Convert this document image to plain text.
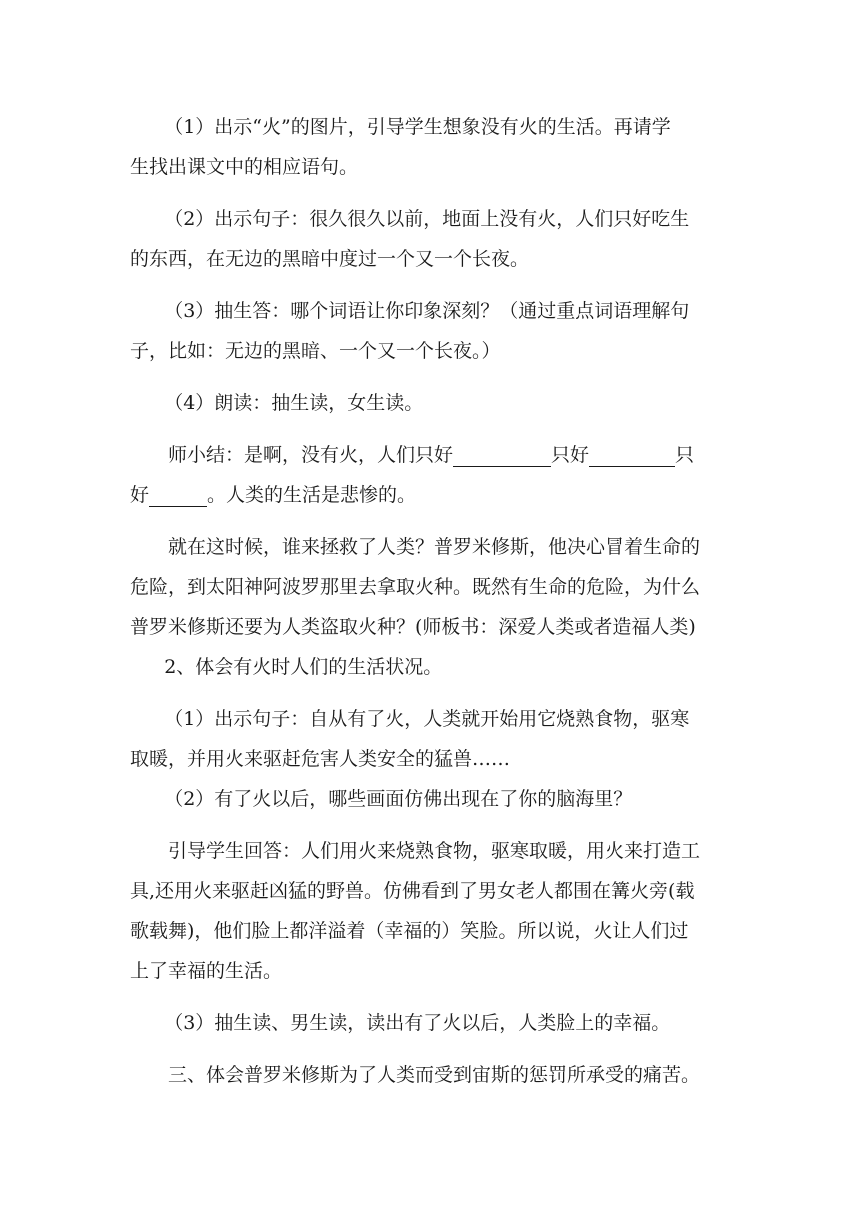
（1）出示“火”的图片，引导学生想象没有火的生活。再请学

生找出课文中的相应语句。

（2）出示句子：很久很久以前，地面上没有火，人们只好吃生

的东西，在无边的黑暗中度过一个又一个长夜。

（3）抽生答：哪个词语让你印象深刻？（通过重点词语理解句

子，比如：无边的黑暗、一个又一个长夜。）

（4）朗读：抽生读，女生读。

师小结：是啊，没有火，人们只好	只好	只

好	。人类的生活是悲惨的。

就在这时候，谁来拯救了人类？普罗米修斯，他决心冒着生命的

危险，到太阳神阿波罗那里去拿取火种。既然有生命的危险，为什么

普罗米修斯还要为人类盗取火种？(师板书：深爱人类或者造福人类)

2、体会有火时人们的生活状况。

（1）出示句子：自从有了火，人类就开始用它烧熟食物，驱寒

取暖，并用火来驱赶危害人类安全的猛兽……

（2）有了火以后，哪些画面仿佛出现在了你的脑海里？

引导学生回答：人们用火来烧熟食物，驱寒取暖，用火来打造工

具,还用火来驱赶凶猛的野兽。仿佛看到了男女老人都围在篝火旁(载

歌载舞)，他们脸上都洋溢着（幸福的）笑脸。所以说，火让人们过

上了幸福的生活。

（3）抽生读、男生读，读出有了火以后，人类脸上的幸福。

三、体会普罗米修斯为了人类而受到宙斯的惩罚所承受的痛苦。
